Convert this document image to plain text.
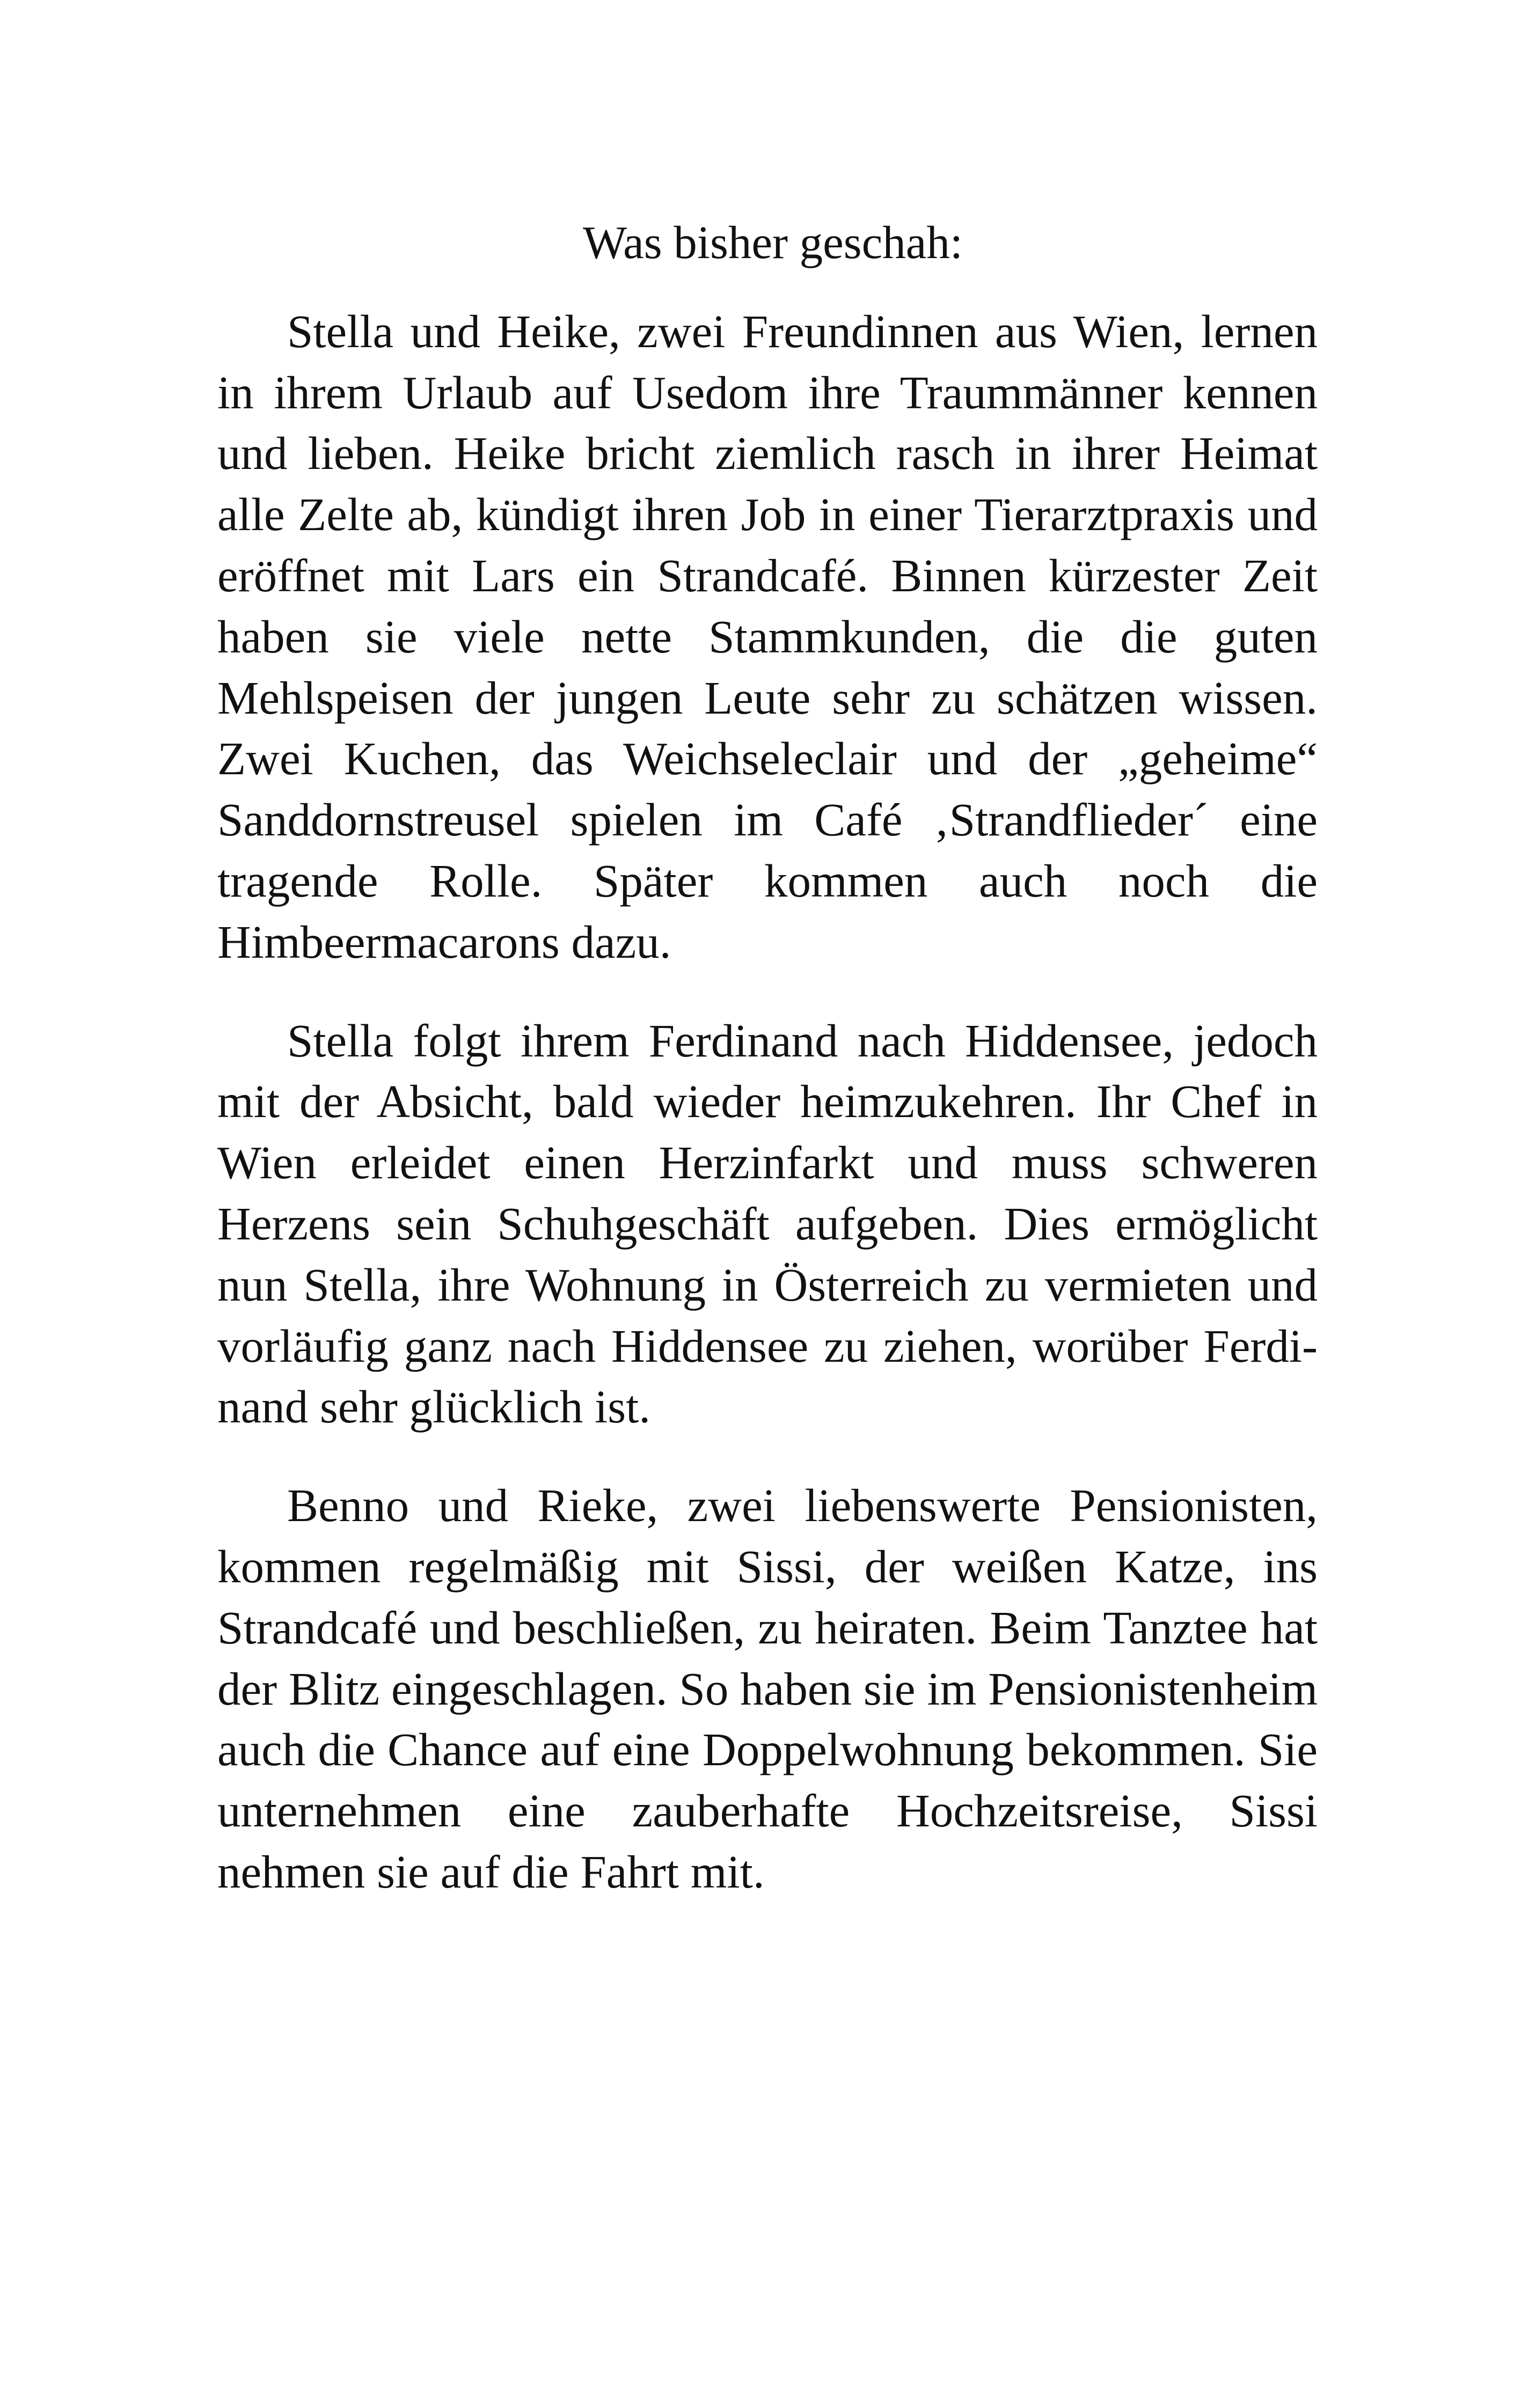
Was bisher geschah:

Stella und Heike, zwei Freundinnen aus Wien, lernen in ihrem Urlaub auf Usedom ihre Traummänner kennen und lieben. Heike bricht ziemlich rasch in ihrer Heimat alle Zelte ab, kündigt ihren Job in einer Tierarztpraxis und eröffnet mit Lars ein Strandcafé. Binnen kürzester Zeit haben sie viele nette Stammkunden, die die guten Mehlspeisen der jungen Leute sehr zu schätzen wissen. Zwei Kuchen, das Weichseleclair und der „geheime“ Sanddornstreusel spielen im Café ‚Strandflieder´ eine tragende Rolle. Später kommen auch noch die Himbeermacarons dazu.

Stella folgt ihrem Ferdinand nach Hiddensee, jedoch mit der Absicht, bald wieder heimzukehren. Ihr Chef in Wien erleidet einen Herzinfarkt und muss schweren Herzens sein Schuhgeschäft aufgeben. Dies ermöglicht nun Stella, ihre Wohnung in Österreich zu vermieten und vorläufig ganz nach Hiddensee zu ziehen, worüber Ferdinand sehr glücklich ist.

Benno und Rieke, zwei liebenswerte Pensionisten, kommen regelmäßig mit Sissi, der weißen Katze, ins Strandcafé und beschließen, zu heiraten. Beim Tanztee hat der Blitz eingeschlagen. So haben sie im Pensionistenheim auch die Chance auf eine Doppelwohnung bekommen. Sie unternehmen eine zauberhafte Hochzeitsreise, Sissi nehmen sie auf die Fahrt mit.
